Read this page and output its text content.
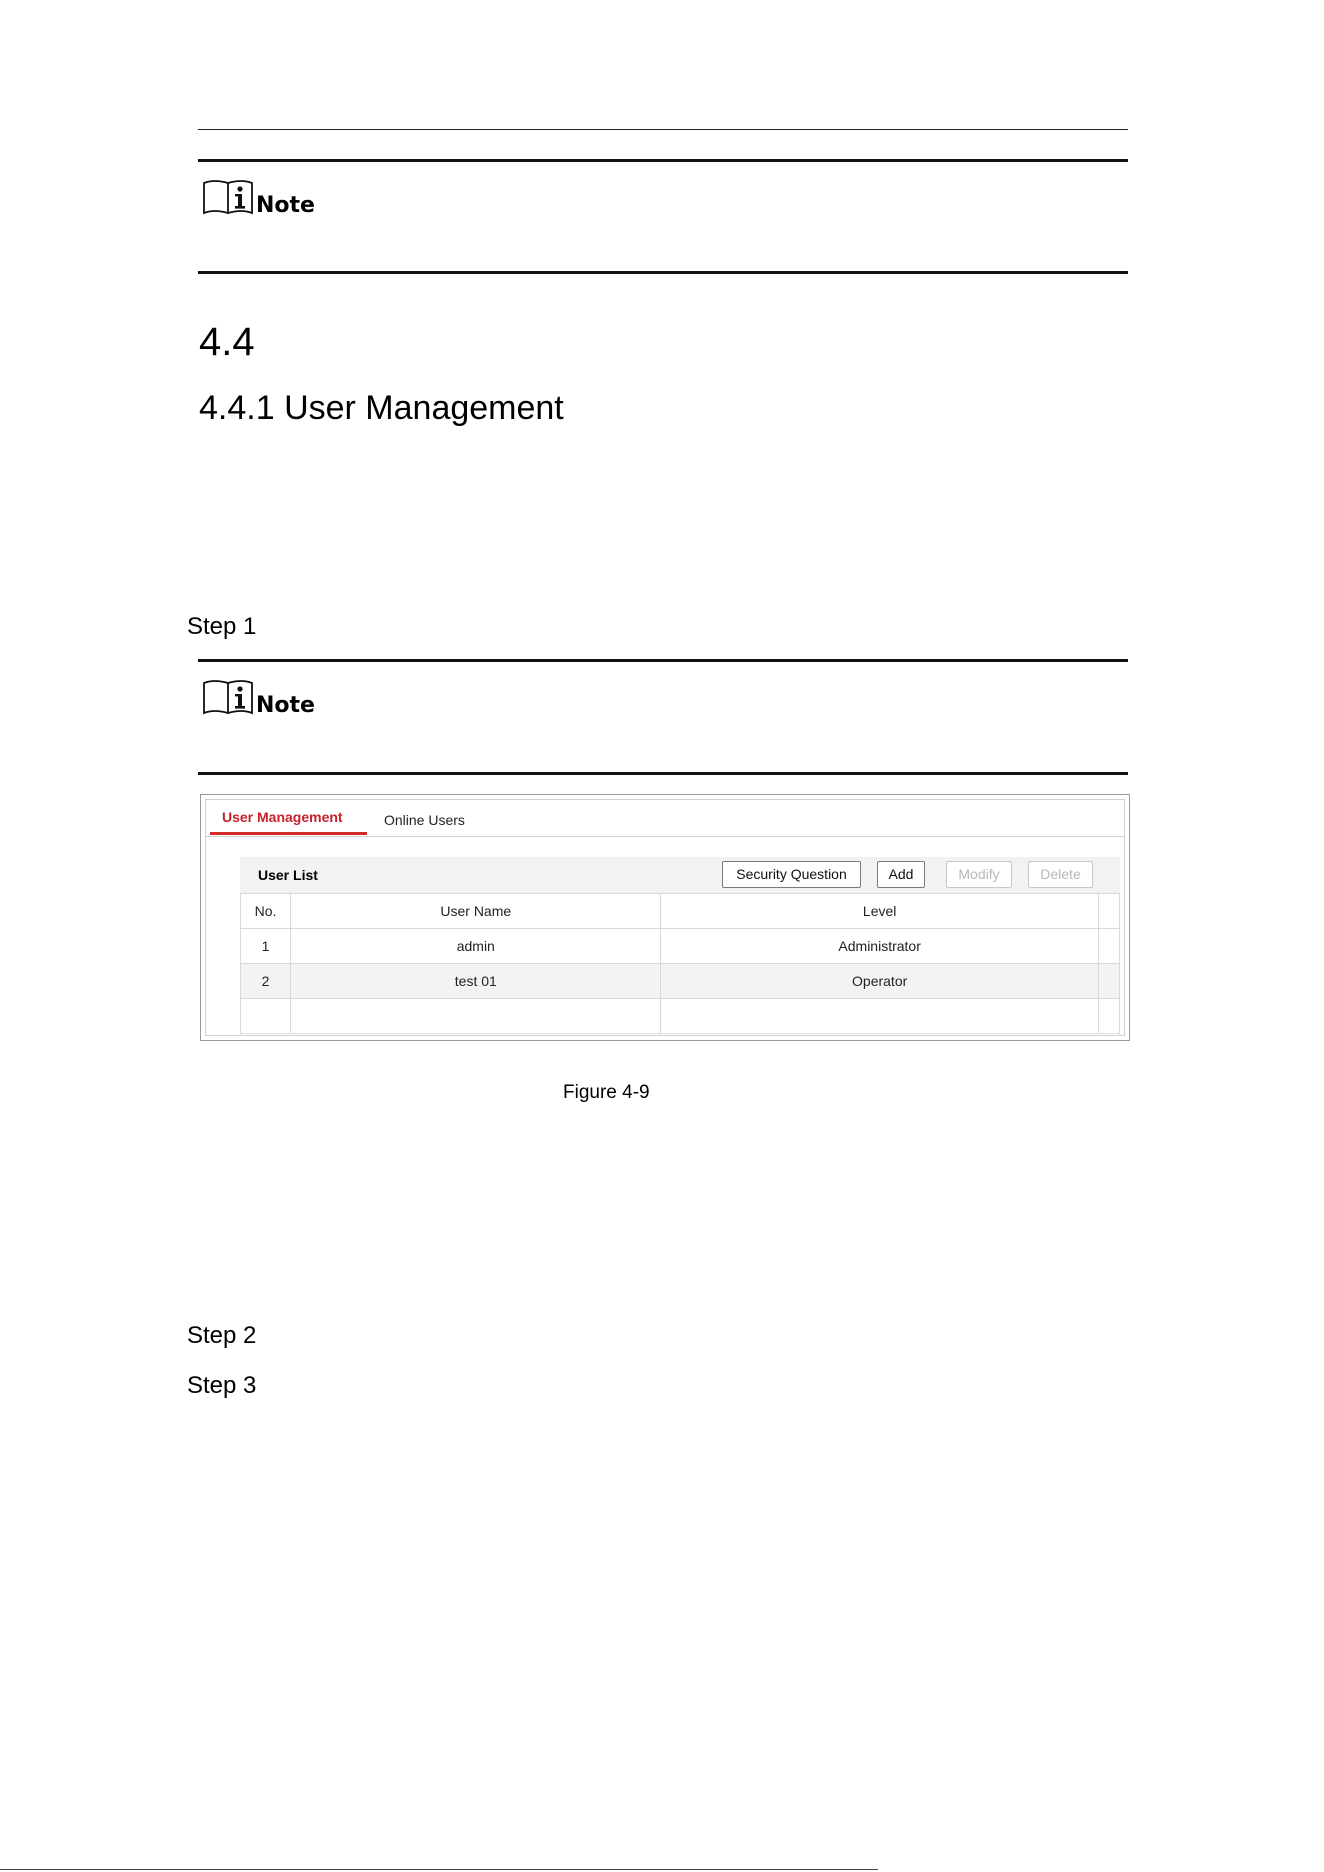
Note
4.4
4.4.1 User Management
Step 1
Note
User Management	Online Users
User List	Security Question	Add	Modify	Delete
No.	User Name	Level	
1	admin	Administrator	
2	test 01	Operator	

Figure 4-9
Step 2
Step 3
